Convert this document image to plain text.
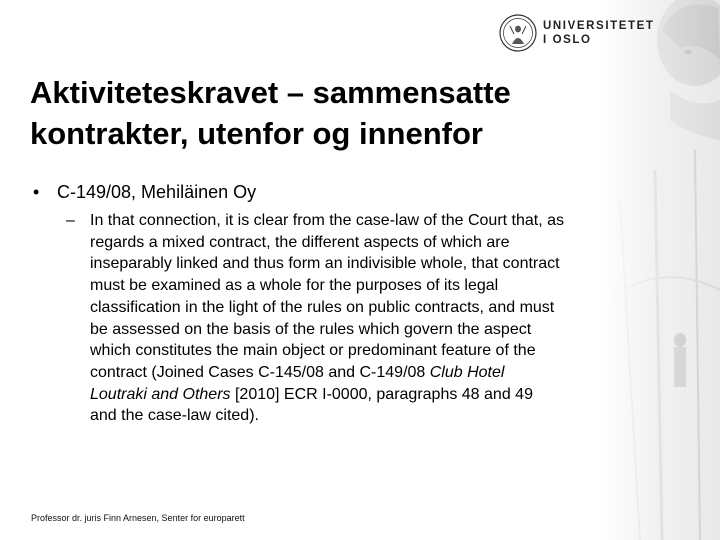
UNIVERSITETET
I OSLO
Aktiviteteskravet – sammensatte
kontrakter, utenfor og innenfor
• C-149/08, Mehiläinen Oy
– In that connection, it is clear from the case-law of the Court that, as
regards a mixed contract, the different aspects of which are
inseparably linked and thus form an indivisible whole, that contract
must be examined as a whole for the purposes of its legal
classification in the light of the rules on public contracts, and must
be assessed on the basis of the rules which govern the aspect
which constitutes the main object or predominant feature of the
contract (Joined Cases C‑145/08 and C‑149/08 Club Hotel
Loutraki and Others [2010] ECR I‑0000, paragraphs 48 and 49
and the case-law cited).
Professor dr. juris Finn Arnesen, Senter for europarett
